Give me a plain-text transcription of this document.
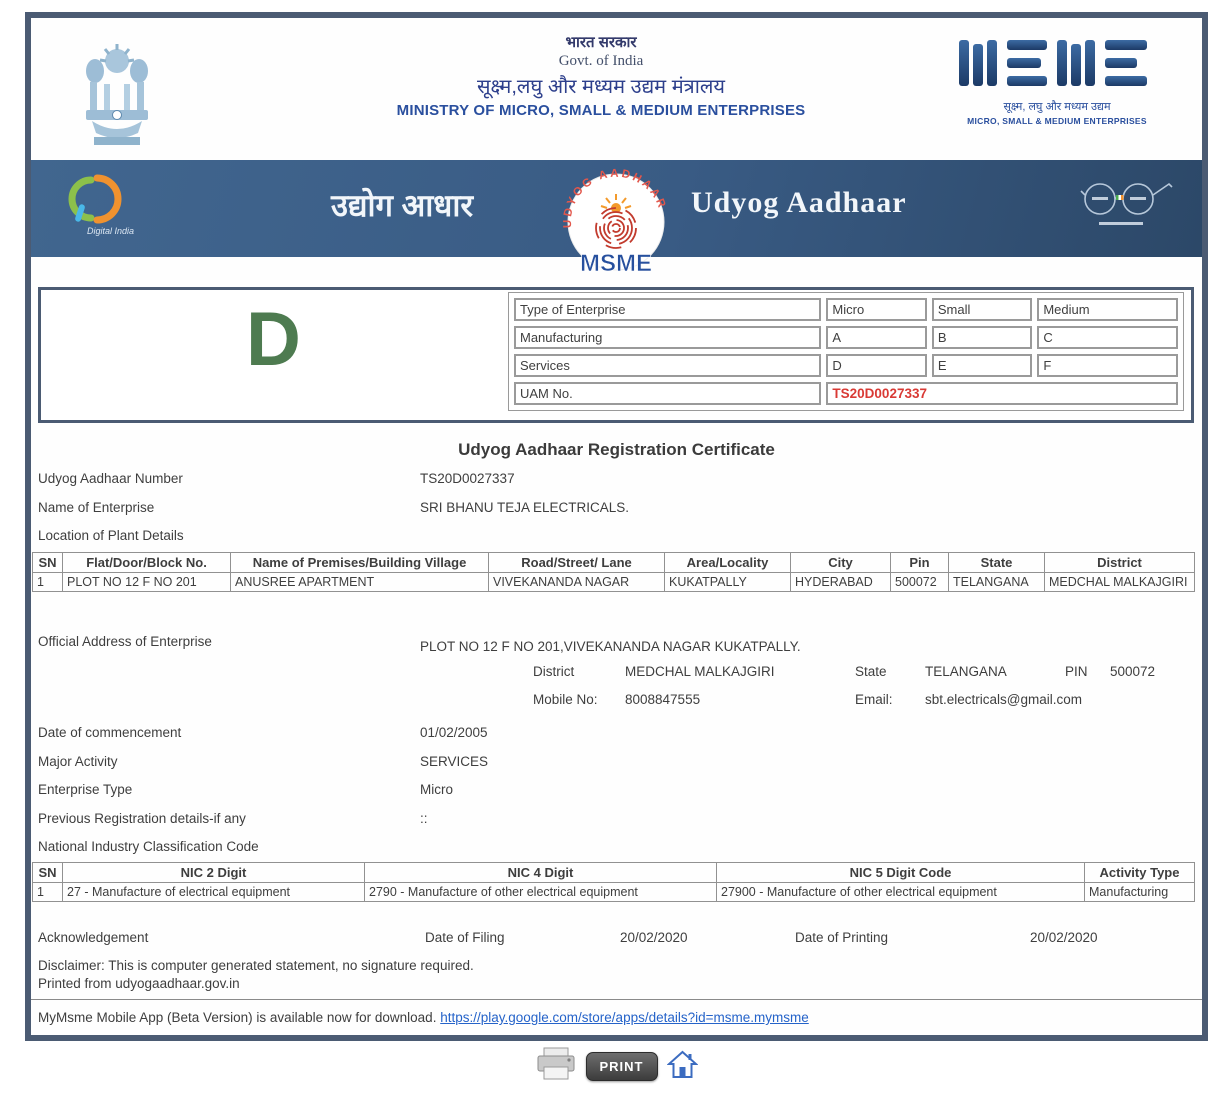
भारत सरकार
Govt. of India
सूक्ष्म,लघु और मध्यम उद्यम मंत्रालय
MINISTRY OF MICRO, SMALL & MEDIUM ENTERPRISES	सूक्ष्म, लघु और मध्यम उद्यम
MICRO, SMALL & MEDIUM ENTERPRISES
Digital India
उद्योग आधार	Udyog Aadhaar
UDYOG AADHAAR
MSME
D	Type of Enterprise	Micro	Small	Medium
Manufacturing	A	B	C
Services	D	E	F
UAM No.	TS20D0027337		
Udyog Aadhaar Registration Certificate
Udyog Aadhaar Number	TS20D0027337
Name of Enterprise	SRI BHANU TEJA ELECTRICALS.
Location of Plant Details
SN	Flat/Door/Block No.	Name of Premises/Building Village	Road/Street/ Lane	Area/Locality	City	Pin	State	District
1	PLOT NO 12 F NO 201	ANUSREE APARTMENT	VIVEKANANDA NAGAR	KUKATPALLY	HYDERABAD	500072	TELANGANA	MEDCHAL MALKAJGIRI
Official Address of Enterprise	PLOT NO 12 F NO 201,VIVEKANANDA NAGAR KUKATPALLY.
District	MEDCHAL MALKAJGIRI	State	TELANGANA	PIN 500072
Mobile No: 8008847555	Email: sbt.electricals@gmail.com
Date of commencement	01/02/2005
Major Activity	SERVICES
Enterprise Type	Micro
Previous Registration details-if any	::
National Industry Classification Code
SN	NIC 2 Digit	NIC 4 Digit	NIC 5 Digit Code	Activity Type
1	27 - Manufacture of electrical equipment	2790 - Manufacture of other electrical equipment	27900 - Manufacture of other electrical equipment	Manufacturing
Acknowledgement	Date of Filing	20/02/2020	Date of Printing	20/02/2020
Disclaimer: This is computer generated statement, no signature required.
Printed from udyogaadhaar.gov.in
MyMsme Mobile App (Beta Version) is available now for download. https://play.google.com/store/apps/details?id=msme.mymsme
PRINT
